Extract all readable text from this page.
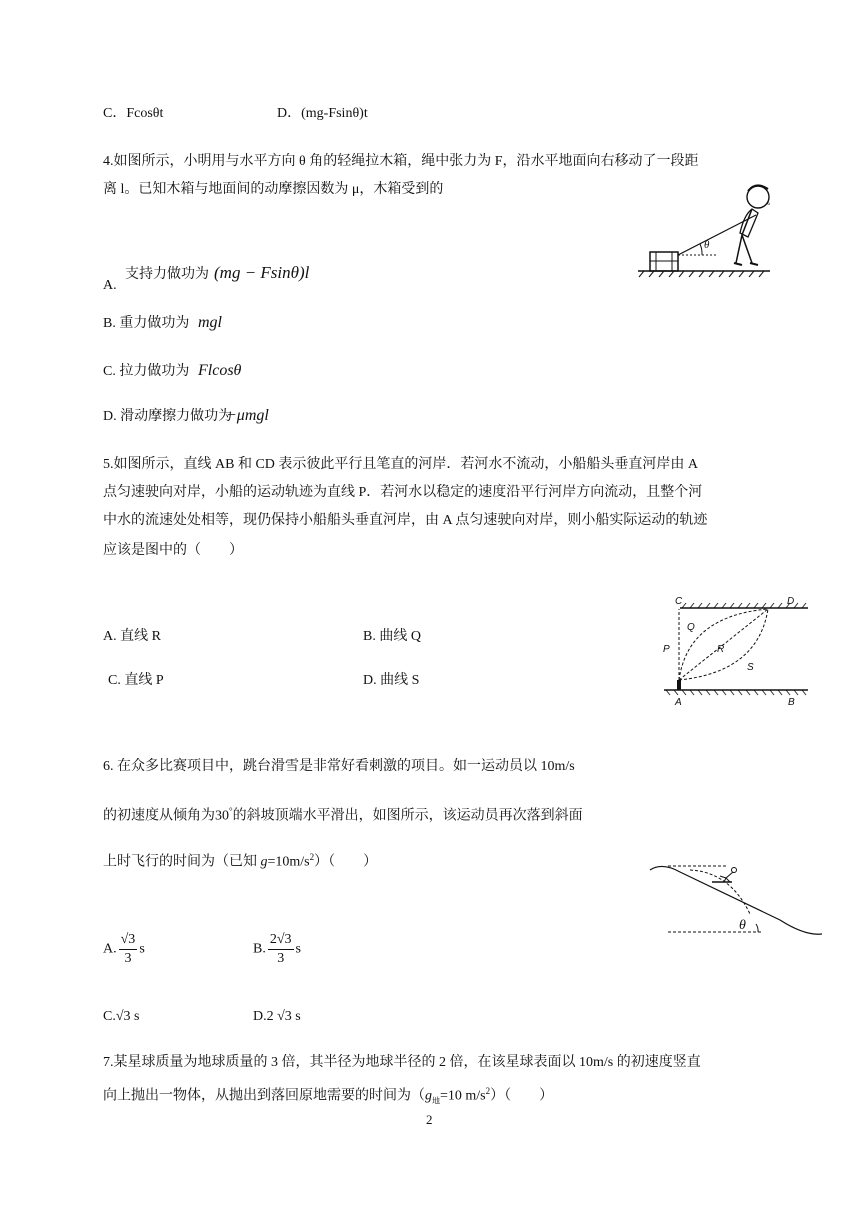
C．Fcosθt	D．(mg-Fsinθ)t
4.如图所示，小明用与水平方向 θ 角的轻绳拉木箱，绳中张力为 F，沿水平地面向右移动了一段距
离 l。已知木箱与地面间的动摩擦因数为 μ，木箱受到的
◦
θ
A.
支持力做功为 (mg − Fsinθ)l
B. 重力做功为 mgl
C. 拉力做功为 Flcosθ
D. 滑动摩擦力做功为
−μmgl
5.如图所示，直线 AB 和 CD 表示彼此平行且笔直的河岸．若河水不流动，小船船头垂直河岸由 A
点匀速驶向对岸，小船的运动轨迹为直线 P．若河水以稳定的速度沿平行河岸方向流动，且整个河
中水的流速处处相等，现仍保持小船船头垂直河岸，由 A 点匀速驶向对岸，则小船实际运动的轨迹
应该是图中的（　　）
A. 直线 R	B. 曲线 Q
C. 直线 P	D. 曲线 S
C	D
P
Q
R
S
A	B
6. 在众多比赛项目中，跳台滑雪是非常好看刺激的项目。如一运动员以 10m/s
的初速度从倾角为30°的斜坡顶端水平滑出，如图所示，该运动员再次落到斜面
上时飞行的时间为（已知 $g=10m/s^2$）（　　）
θ
A. $\frac{√3}{3}$ s	B. $\frac{2√3}{3}$ s
C.√3 s	D.2 √3 s
7.某星球质量为地球质量的 3 倍，其半径为地球半径的 2 倍，在该星球表面以 10m/s 的初速度竖直
向上抛出一物体，从抛出到落回原地需要的时间为（$g_地=10$ $m/s^2$）（　　）
2
